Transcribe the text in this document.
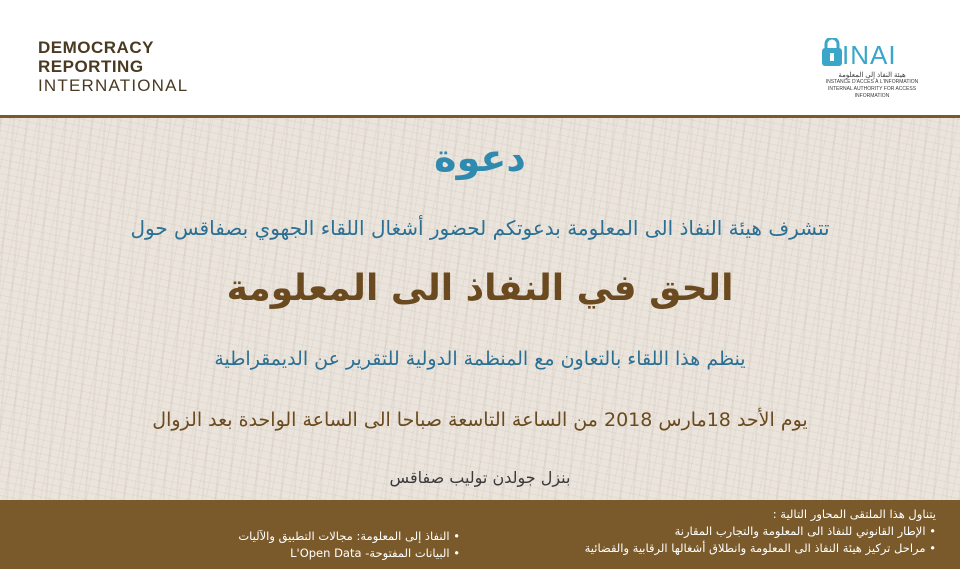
DEMOCRACY
REPORTING
INTERNATIONAL
INAI
هيئة النفاذ إلى المعلومة
INSTANCE D'ACCÈS À L'INFORMATION
INTERNAL AUTHORITY FOR ACCESS INFORMATION
دعوة
تتشرف هيئة النفاذ الى المعلومة بدعوتكم لحضور أشغال اللقاء الجهوي بصفاقس حول
الحق في النفاذ الى المعلومة
ينظم هذا اللقاء بالتعاون مع المنظمة الدولية للتقرير عن الديمقراطية
يوم الأحد 18مارس 2018 من الساعة التاسعة صباحا الى الساعة الواحدة بعد الزوال
بنزل جولدن توليب صفاقس
يتناول هذا الملتقى المحاور التالية :
• الإطار القانوني للنفاذ الى المعلومة والتجارب المقارنة
• مراحل تركيز هيئة النفاذ الى المعلومة وانطلاق أشغالها الرقابية والقضائية
• النفاذ إلى المعلومة: مجالات التطبيق والآليات
• البيانات المفتوحة- L'Open Data
